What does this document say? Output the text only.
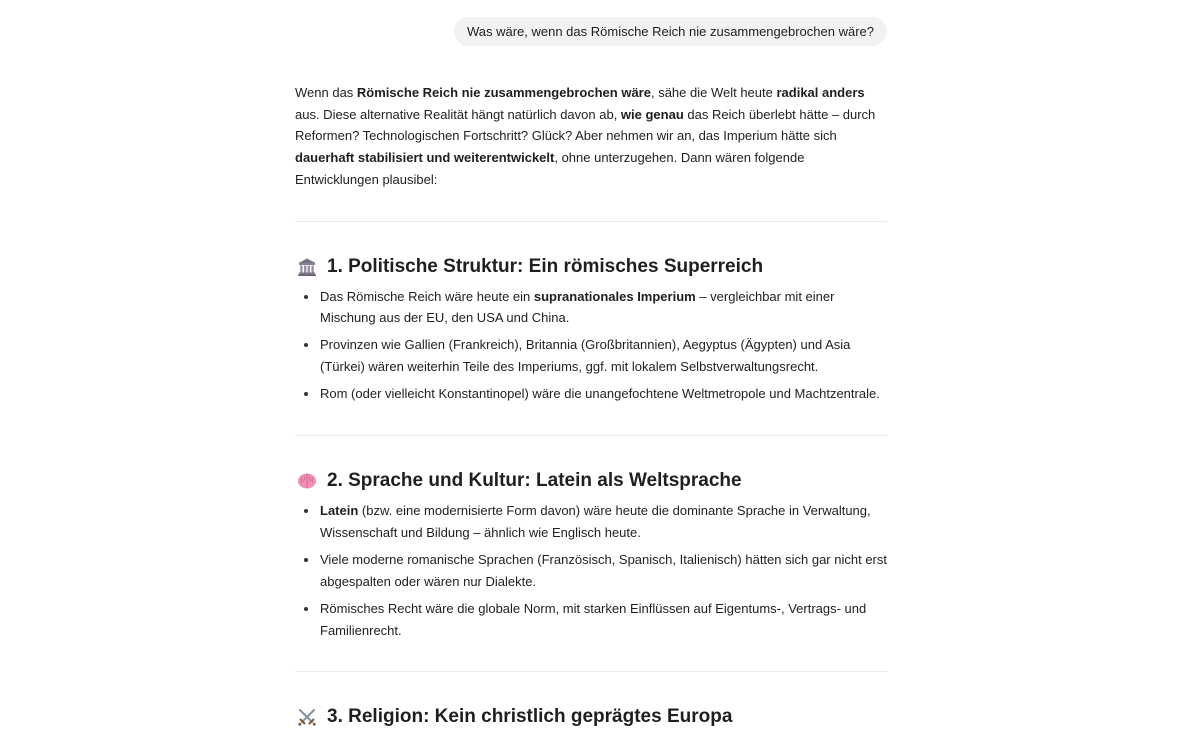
Was wäre, wenn das Römische Reich nie zusammengebrochen wäre?

Wenn das Römische Reich nie zusammengebrochen wäre, sähe die Welt heute radikal anders aus. Diese alternative Realität hängt natürlich davon ab, wie genau das Reich überlebt hätte – durch Reformen? Technologischen Fortschritt? Glück? Aber nehmen wir an, das Imperium hätte sich dauerhaft stabilisiert und weiterentwickelt, ohne unterzugehen. Dann wären folgende Entwicklungen plausibel:

1. Politische Struktur: Ein römisches Superreich
Das Römische Reich wäre heute ein supranationales Imperium – vergleichbar mit einer Mischung aus der EU, den USA und China.
Provinzen wie Gallien (Frankreich), Britannia (Großbritannien), Aegyptus (Ägypten) und Asia (Türkei) wären weiterhin Teile des Imperiums, ggf. mit lokalem Selbstverwaltungsrecht.
Rom (oder vielleicht Konstantinopel) wäre die unangefochtene Weltmetropole und Machtzentrale.
2. Sprache und Kultur: Latein als Weltsprache
Latein (bzw. eine modernisierte Form davon) wäre heute die dominante Sprache in Verwaltung, Wissenschaft und Bildung – ähnlich wie Englisch heute.
Viele moderne romanische Sprachen (Französisch, Spanisch, Italienisch) hätten sich gar nicht erst abgespalten oder wären nur Dialekte.
Römisches Recht wäre die globale Norm, mit starken Einflüssen auf Eigentums-, Vertrags- und Familienrecht.
3. Religion: Kein christlich geprägtes Europa
